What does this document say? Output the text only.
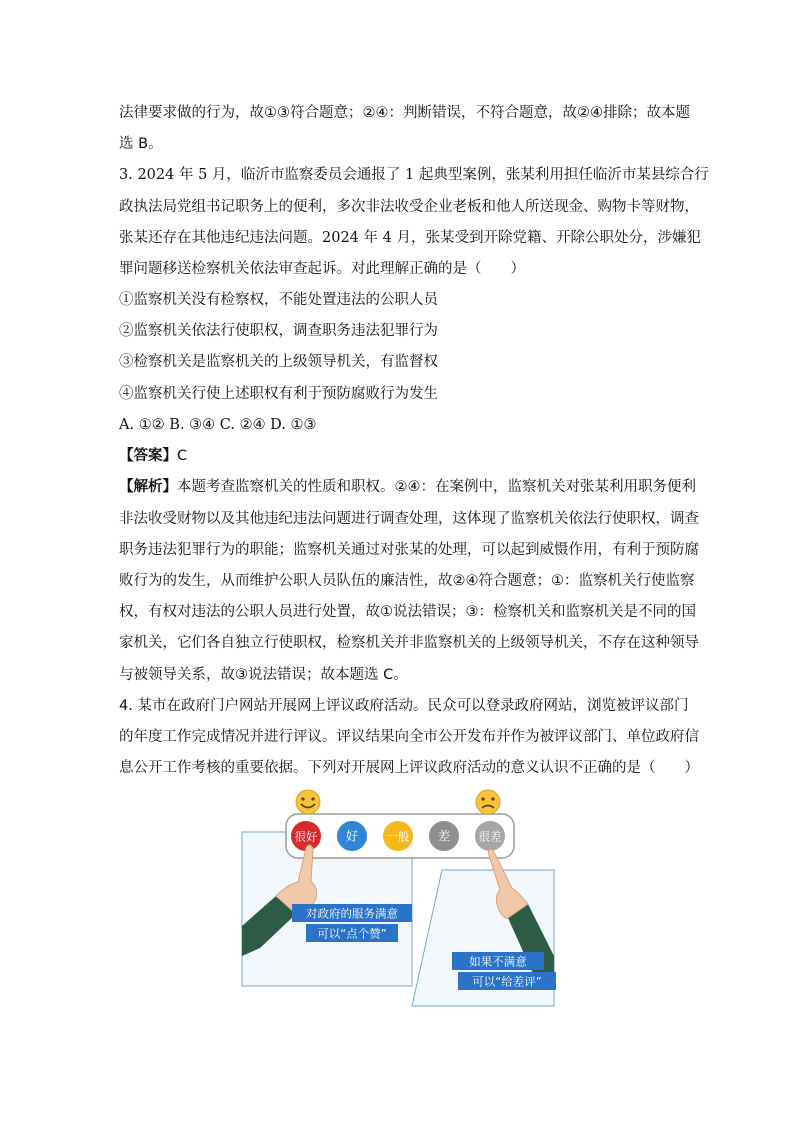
法律要求做的行为，故①③符合题意；②④：判断错误，不符合题意，故②④排除；故本题
选 B。
3. 2024 年 5 月，临沂市监察委员会通报了 1 起典型案例，张某利用担任临沂市某县综合行
政执法局党组书记职务上的便利，多次非法收受企业老板和他人所送现金、购物卡等财物，
张某还存在其他违纪违法问题。2024 年 4 月，张某受到开除党籍、开除公职处分，涉嫌犯
罪问题移送检察机关依法审查起诉。对此理解正确的是（　　）
①监察机关没有检察权，不能处置违法的公职人员
②监察机关依法行使职权，调查职务违法犯罪行为
③检察机关是监察机关的上级领导机关，有监督权
④监察机关行使上述职权有利于预防腐败行为发生
A. ①② B. ③④ C. ②④ D. ①③
【答案】C
【解析】本题考查监察机关的性质和职权。②④：在案例中，监察机关对张某利用职务便利
非法收受财物以及其他违纪违法问题进行调查处理，这体现了监察机关依法行使职权，调查
职务违法犯罪行为的职能；监察机关通过对张某的处理，可以起到威慑作用，有利于预防腐
败行为的发生，从而维护公职人员队伍的廉洁性，故②④符合题意；①：监察机关行使监察
权，有权对违法的公职人员进行处置，故①说法错误；③：检察机关和监察机关是不同的国
家机关，它们各自独立行使职权，检察机关并非监察机关的上级领导机关，不存在这种领导
与被领导关系，故③说法错误；故本题选 C。
4. 某市在政府门户网站开展网上评议政府活动。民众可以登录政府网站，浏览被评议部门
的年度工作完成情况并进行评议。评议结果向全市公开发布并作为被评议部门、单位政府信
息公开工作考核的重要依据。下列对开展网上评议政府活动的意义认识不正确的是（　　）
很好 好 一般 差 很差
对政府的服务满意
可以“点个赞”
如果不满意
可以“给差评”
